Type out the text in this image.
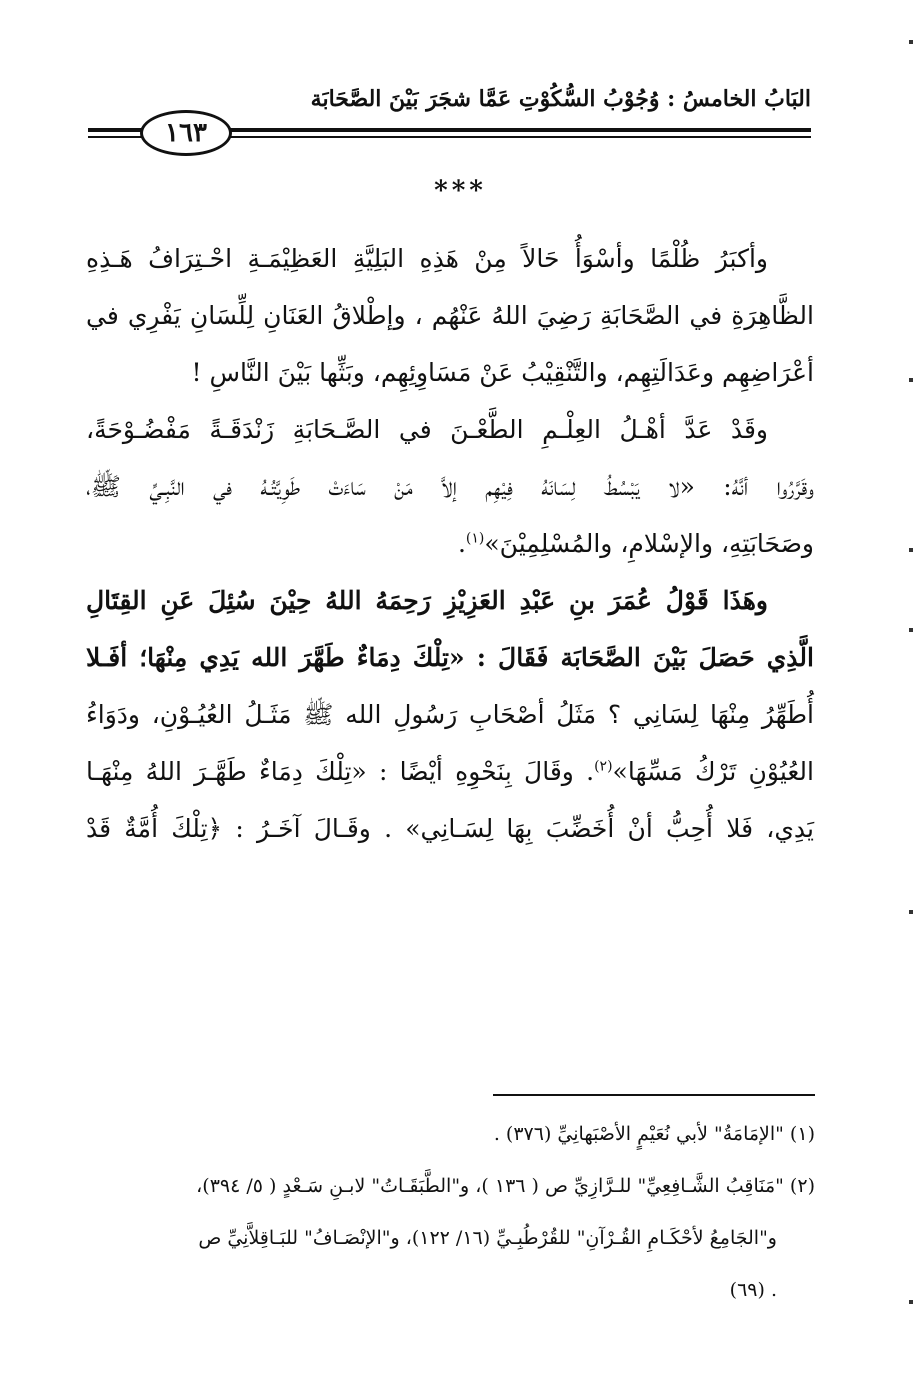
البَابُ الخامسُ : وُجُوْبُ السُّكُوْتِ عَمَّا شجَرَ بَيْنَ الصَّحَابَة
١٦٣
***
وأكبَرُ ظُلْمًا وأسْوَأُ حَالاً مِنْ هَذِهِ البَلِيَّةِ العَظِيْمَـةِ احْـتِرَافُ هَـذِهِ
الظَّاهِرَةِ في الصَّحَابَةِ رَضِيَ اللهُ عَنْهُم ، وإطْلاقُ العَنَانِ لِلِّسَانِ يَفْرِي في
أعْرَاضِهِم وعَدَالَتِهِم، والتَّنْقِيْبُ عَنْ مَسَاوِئِهِم، وبَثِّها بَيْنَ النَّاسِ !
وقَدْ عَدَّ أهْـلُ العِلْـمِ الطَّعْـنَ في الصَّـحَابَةِ زَنْدَقَـةً مَفْضُـوْحَةً،
وقَرَّرُوا أنَّهُ: «لا يَبْسُطُ لِسَانَهُ فِيْهِم إلاَّ مَنْ سَاءَتْ طَوِيَّتُـهُ في النَّبِـيِّ ﷺ،
وصَحَابَتِهِ، والإسْلامِ، والمُسْلِمِيْنَ»$^{(١)}$.
وهَذَا قَوْلُ عُمَرَ بنِ عَبْدِ العَزِيْزِ رَحِمَهُ اللهُ حِيْنَ سُئِلَ عَنِ القِتَالِ
الَّذِي حَصَلَ بَيْنَ الصَّحَابَة فَقَالَ : «تِلْكَ دِمَاءٌ طَهَّرَ الله يَدِي مِنْهَا؛ أفَـلا
أُطَهِّرُ مِنْهَا لِسَانِي ؟ مَثَلُ أصْحَابِ رَسُولِ الله ﷺ مَثَـلُ العُيُـوْنِ، ودَوَاءُ
العُيُوْنِ تَرْكُ مَسِّهَا»$^{(٢)}$. وقَالَ بِنَحْوِهِ أيْضًا : «تِلْكَ دِمَاءٌ طَهَّـرَ اللهُ مِنْهَـا
يَدِي، فَلا أُحِبُّ أنْ أُخَضِّبَ بِهَا لِسَـانِي» . وقَـالَ آخَـرُ : ﴿تِلْكَ أُمَّةٌ قَدْ
(١) "الإمَامَةُ" لأبي نُعَيْمٍ الأصْبَهانِيِّ (٣٧٦) .
(٢) "مَنَاقِبُ الشَّـافِعِيِّ" للـرَّازِيِّ ص ( ١٣٦ )، و"الطَّبَقَـاتُ" لابـنِ سَـعْدٍ ( ٥/ ٣٩٤)،
و"الجَامِعُ لأحْكَـامِ القُـرْآنِ" للقُرْطُبِـيِّ (١٦/ ١٢٢)، و"الإنْصَـافُ" للبَـاقِلاَّنِيِّ ص
. (٦٩)
